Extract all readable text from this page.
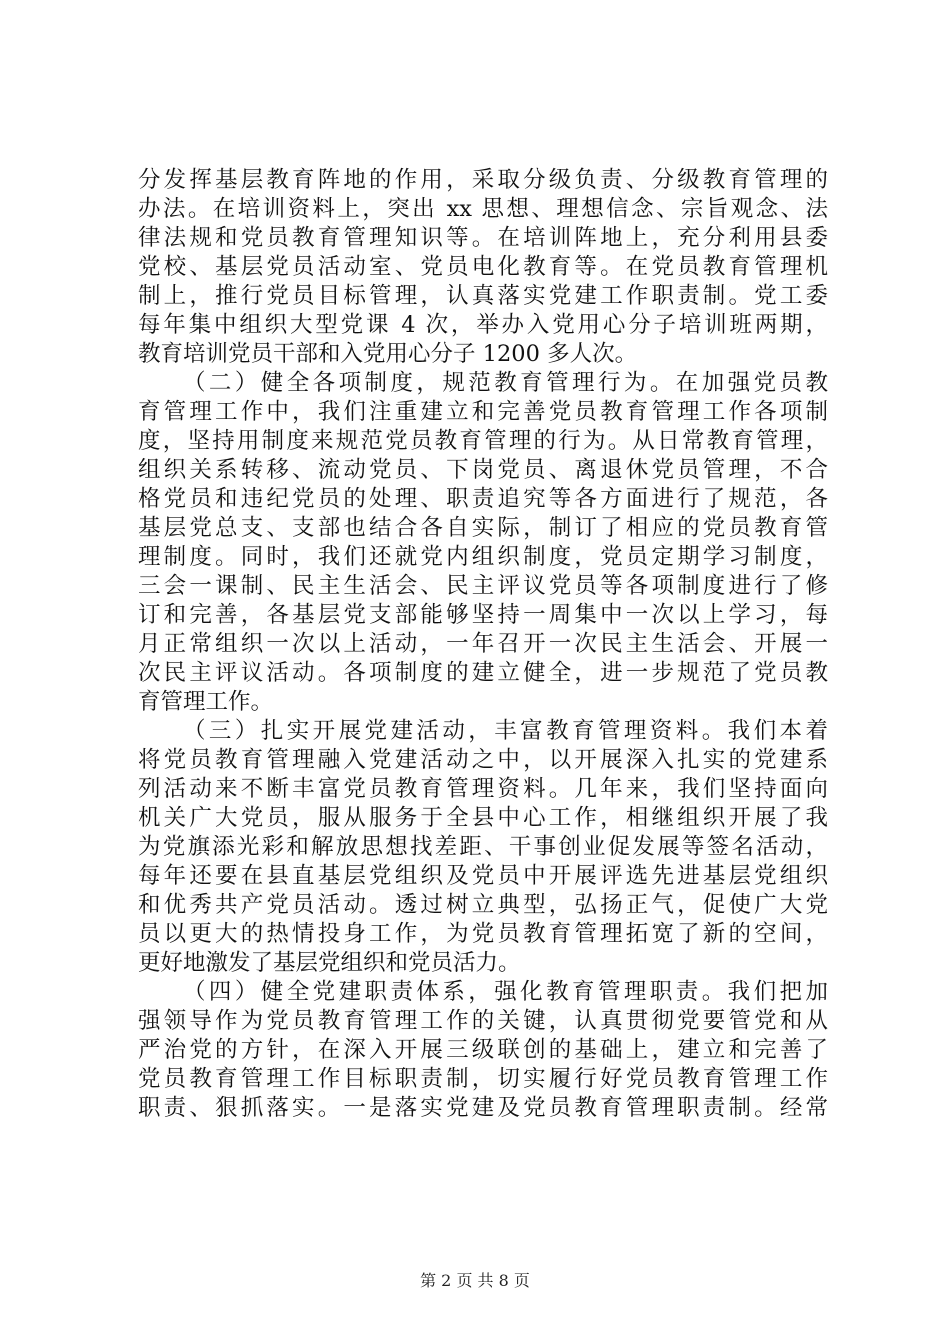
分发挥基层教育阵地的作用，采取分级负责、分级教育管理的
办法。在培训资料上，突出 xx 思想、理想信念、宗旨观念、法
律法规和党员教育管理知识等。在培训阵地上，充分利用县委
党校、基层党员活动室、党员电化教育等。在党员教育管理机
制上，推行党员目标管理，认真落实党建工作职责制。党工委
每年集中组织大型党课 4 次，举办入党用心分子培训班两期，
教育培训党员干部和入党用心分子 1200 多人次。
（二）健全各项制度，规范教育管理行为。在加强党员教
育管理工作中，我们注重建立和完善党员教育管理工作各项制
度，坚持用制度来规范党员教育管理的行为。从日常教育管理，
组织关系转移、流动党员、下岗党员、离退休党员管理，不合
格党员和违纪党员的处理、职责追究等各方面进行了规范，各
基层党总支、支部也结合各自实际，制订了相应的党员教育管
理制度。同时，我们还就党内组织制度，党员定期学习制度，
三会一课制、民主生活会、民主评议党员等各项制度进行了修
订和完善，各基层党支部能够坚持一周集中一次以上学习，每
月正常组织一次以上活动，一年召开一次民主生活会、开展一
次民主评议活动。各项制度的建立健全，进一步规范了党员教
育管理工作。
（三）扎实开展党建活动，丰富教育管理资料。我们本着
将党员教育管理融入党建活动之中，以开展深入扎实的党建系
列活动来不断丰富党员教育管理资料。几年来，我们坚持面向
机关广大党员，服从服务于全县中心工作，相继组织开展了我
为党旗添光彩和解放思想找差距、干事创业促发展等签名活动，
每年还要在县直基层党组织及党员中开展评选先进基层党组织
和优秀共产党员活动。透过树立典型，弘扬正气，促使广大党
员以更大的热情投身工作，为党员教育管理拓宽了新的空间，
更好地激发了基层党组织和党员活力。
（四）健全党建职责体系，强化教育管理职责。我们把加
强领导作为党员教育管理工作的关键，认真贯彻党要管党和从
严治党的方针，在深入开展三级联创的基础上，建立和完善了
党员教育管理工作目标职责制，切实履行好党员教育管理工作
职责、狠抓落实。一是落实党建及党员教育管理职责制。经常
第 2 页 共 8 页
